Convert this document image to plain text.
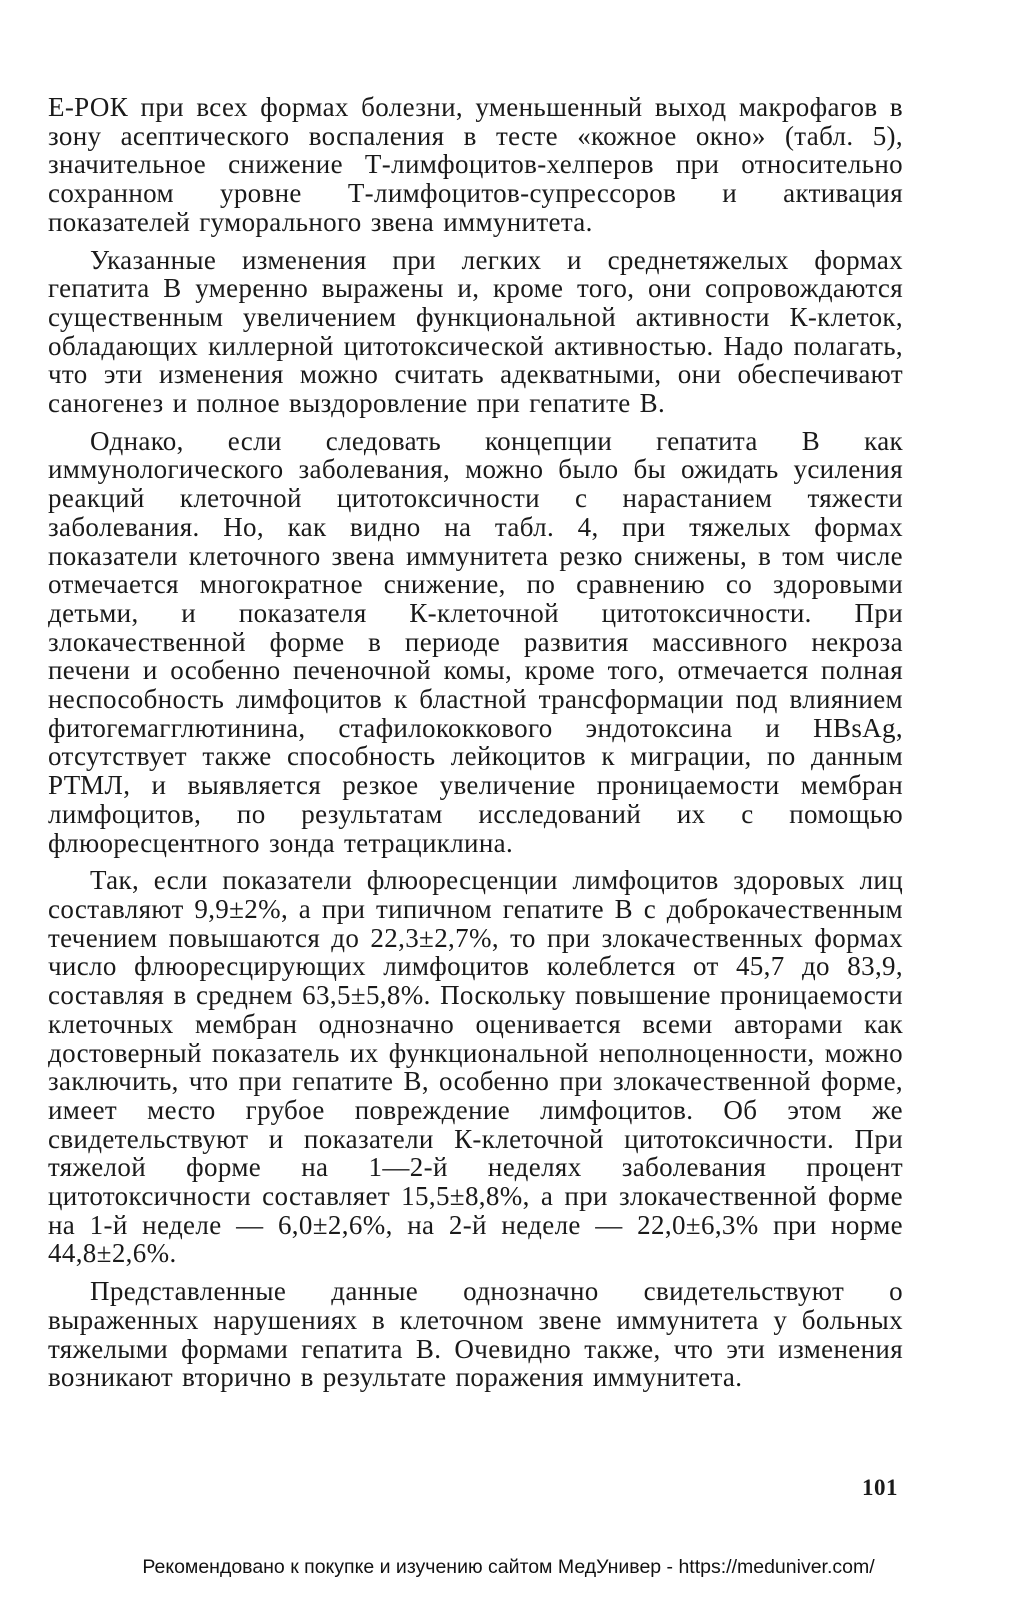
Е-РОК при всех формах болезни, уменьшенный выход макрофагов в зону асептического воспаления в тесте «кожное окно» (табл. 5), значительное снижение Т-лимфоцитов-хелперов при относительно сохранном уровне Т-лимфоцитов-супрессоров и активация показателей гуморального звена иммунитета.

Указанные изменения при легких и среднетяжелых формах гепатита В умеренно выражены и, кроме того, они сопровождаются существенным увеличением функциональной активности К-клеток, обладающих киллерной цитотоксической активностью. Надо полагать, что эти изменения можно считать адекватными, они обеспечивают саногенез и полное выздоровление при гепатите В.

Однако, если следовать концепции гепатита В как иммунологического заболевания, можно было бы ожидать усиления реакций клеточной цитотоксичности с нарастанием тяжести заболевания. Но, как видно на табл. 4, при тяжелых формах показатели клеточного звена иммунитета резко снижены, в том числе отмечается многократное снижение, по сравнению со здоровыми детьми, и показателя К-клеточной цитотоксичности. При злокачественной форме в периоде развития массивного некроза печени и особенно печеночной комы, кроме того, отмечается полная неспособность лимфоцитов к бластной трансформации под влиянием фитогемагглютинина, стафилококкового эндотоксина и HBsAg, отсутствует также способность лейкоцитов к миграции, по данным РТМЛ, и выявляется резкое увеличение проницаемости мембран лимфоцитов, по результатам исследований их с помощью флюоресцентного зонда тетрациклина.

Так, если показатели флюоресценции лимфоцитов здоровых лиц составляют 9,9±2%, а при типичном гепатите В с доброкачественным течением повышаются до 22,3±2,7%, то при злокачественных формах число флюоресцирующих лимфоцитов колеблется от 45,7 до 83,9, составляя в среднем 63,5±5,8%. Поскольку повышение проницаемости клеточных мембран однозначно оценивается всеми авторами как достоверный показатель их функциональной неполноценности, можно заключить, что при гепатите В, особенно при злокачественной форме, имеет место грубое повреждение лимфоцитов. Об этом же свидетельствуют и показатели К-клеточной цитотоксичности. При тяжелой форме на 1—2-й неделях заболевания процент цитотоксичности составляет 15,5±8,8%, а при злокачественной форме на 1-й неделе — 6,0±2,6%, на 2-й неделе — 22,0±6,3% при норме 44,8±2,6%.

Представленные данные однозначно свидетельствуют о выраженных нарушениях в клеточном звене иммунитета у больных тяжелыми формами гепатита В. Очевидно также, что эти изменения возникают вторично в результате поражения иммунитета.

101
Рекомендовано к покупке и изучению сайтом МедУнивер - https://meduniver.com/
